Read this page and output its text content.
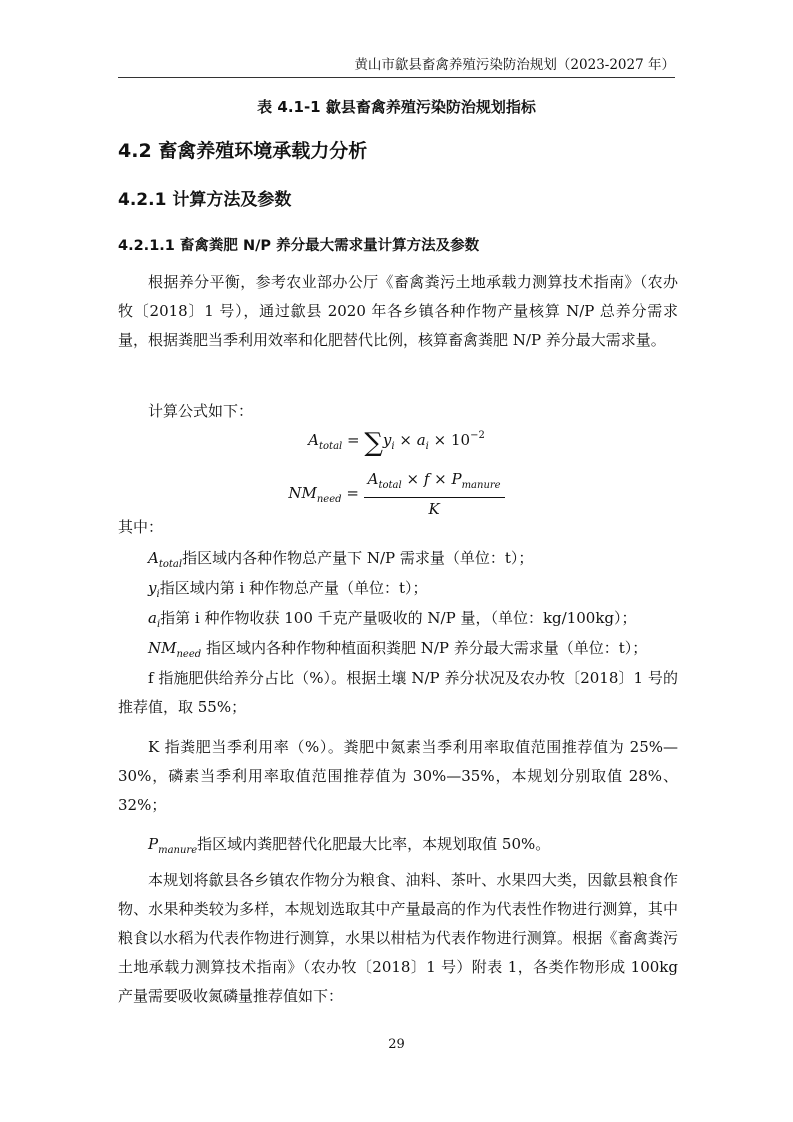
黄山市歙县畜禽养殖污染防治规划（2023-2027 年）
表 4.1-1 歙县畜禽养殖污染防治规划指标
4.2 畜禽养殖环境承载力分析
4.2.1 计算方法及参数
4.2.1.1 畜禽粪肥 N/P 养分最大需求量计算方法及参数
根据养分平衡，参考农业部办公厅《畜禽粪污土地承载力测算技术指南》（农办牧〔2018〕1 号），通过歙县 2020 年各乡镇各种作物产量核算 N/P 总养分需求量，根据粪肥当季利用效率和化肥替代比例，核算畜禽粪肥 N/P 养分最大需求量。
计算公式如下：
$A_{total} = \sum y_i \times a_i \times 10^{-2}$
$NM_{need} = \frac{A_{total} \times f \times P_{manure}}{K}$
其中：
$A_{total}$指区域内各种作物总产量下 N/P 需求量（单位：t）；
$y_i$指区域内第 i 种作物总产量（单位：t）；
$a_i$指第 i 种作物收获 100 千克产量吸收的 N/P 量，（单位：kg/100kg）；
$NM_{need}$ 指区域内各种作物种植面积粪肥 N/P 养分最大需求量（单位：t）；
f 指施肥供给养分占比（%）。根据土壤 N/P 养分状况及农办牧〔2018〕1 号的推荐值，取 55%；
K 指粪肥当季利用率（%）。粪肥中氮素当季利用率取值范围推荐值为 25%—30%，磷素当季利用率取值范围推荐值为 30%—35%，本规划分别取值 28%、32%；
$P_{manure}$指区域内粪肥替代化肥最大比率，本规划取值 50%。
本规划将歙县各乡镇农作物分为粮食、油料、茶叶、水果四大类，因歙县粮食作物、水果种类较为多样，本规划选取其中产量最高的作为代表性作物进行测算，其中粮食以水稻为代表作物进行测算，水果以柑桔为代表作物进行测算。根据《畜禽粪污土地承载力测算技术指南》（农办牧〔2018〕1 号）附表 1，各类作物形成 100kg 产量需要吸收氮磷量推荐值如下：
29
